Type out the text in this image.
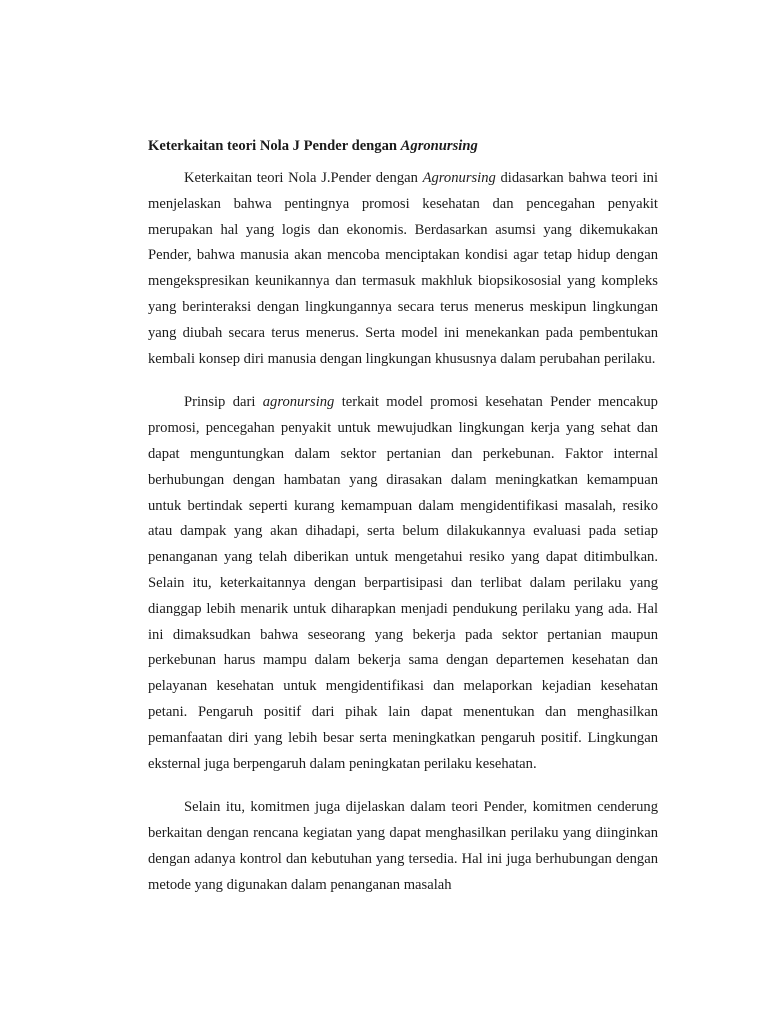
Keterkaitan teori Nola J Pender dengan Agronursing

Keterkaitan teori Nola J.Pender dengan Agronursing didasarkan bahwa teori ini menjelaskan bahwa pentingnya promosi kesehatan dan pencegahan penyakit merupakan hal yang logis dan ekonomis. Berdasarkan asumsi yang dikemukakan Pender, bahwa manusia akan mencoba menciptakan kondisi agar tetap hidup dengan mengekspresikan keunikannya dan termasuk makhluk biopsikososial yang kompleks yang berinteraksi dengan lingkungannya secara terus menerus meskipun lingkungan yang diubah secara terus menerus. Serta model ini menekankan pada pembentukan kembali konsep diri manusia dengan lingkungan khususnya dalam perubahan perilaku.

Prinsip dari agronursing terkait model promosi kesehatan Pender mencakup promosi, pencegahan penyakit untuk mewujudkan lingkungan kerja yang sehat dan dapat menguntungkan dalam sektor pertanian dan perkebunan. Faktor internal berhubungan dengan hambatan yang dirasakan dalam meningkatkan kemampuan untuk bertindak seperti kurang kemampuan dalam mengidentifikasi masalah, resiko atau dampak yang akan dihadapi, serta belum dilakukannya evaluasi pada setiap penanganan yang telah diberikan untuk mengetahui resiko yang dapat ditimbulkan. Selain itu, keterkaitannya dengan berpartisipasi dan terlibat dalam perilaku yang dianggap lebih menarik untuk diharapkan menjadi pendukung perilaku yang ada. Hal ini dimaksudkan bahwa seseorang yang bekerja pada sektor pertanian maupun perkebunan harus mampu dalam bekerja sama dengan departemen kesehatan dan pelayanan kesehatan untuk mengidentifikasi dan melaporkan kejadian kesehatan petani. Pengaruh positif dari pihak lain dapat menentukan dan menghasilkan pemanfaatan diri yang lebih besar serta meningkatkan pengaruh positif. Lingkungan eksternal juga berpengaruh dalam peningkatan perilaku kesehatan.

Selain itu, komitmen juga dijelaskan dalam teori Pender, komitmen cenderung berkaitan dengan rencana kegiatan yang dapat menghasilkan perilaku yang diinginkan dengan adanya kontrol dan kebutuhan yang tersedia. Hal ini juga berhubungan dengan metode yang digunakan dalam penanganan masalah
